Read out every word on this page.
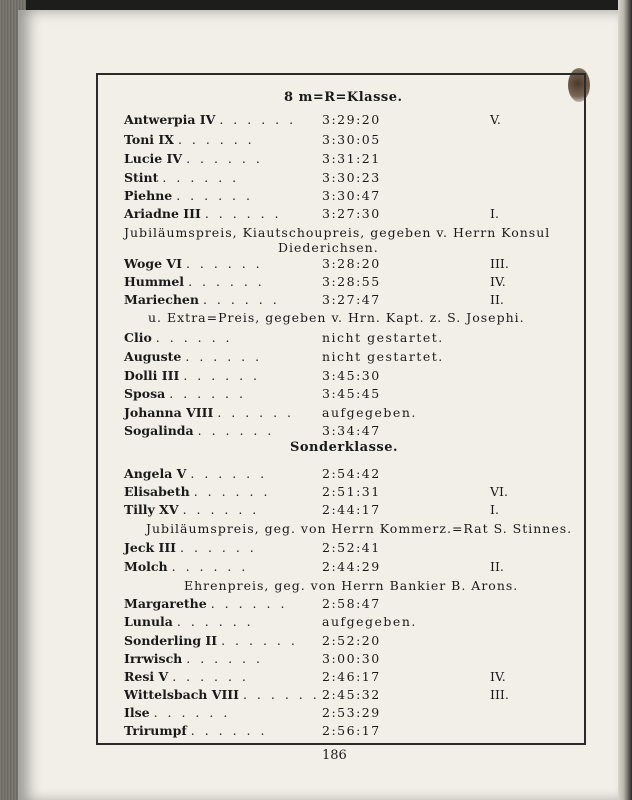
8 m=R=Klasse.
Sonderklasse.
Jubiläumspreis, Kiautschoupreis, gegeben v. Herrn Konsul
Diederichsen.
u. Extra=Preis, gegeben v. Hrn. Kapt. z. S. Josephi.
Jubiläumspreis, geg. von Herrn Kommerz.=Rat S. Stinnes.
Ehrenpreis, geg. von Herrn Bankier B. Arons.
Antwerpia IV . . . . . . 3:29:20	V.
Toni IX . . . . . .	3:30:05
Lucie IV . . . . . .	3:31:21
Stint . . . . . .	3:30:23
Piehne . . . . . .	3:30:47
Ariadne III . . . . . .	3:27:30	I.
Woge VI . . . . . .	3:28:20	III.
Hummel . . . . . .	3:28:55	IV.
Mariechen . . . . . .	3:27:47	II.
Clio . . . . . .	nicht gestartet.
Auguste . . . . . .	nicht gestartet.
Dolli III . . . . . .	3:45:30
Sposa . . . . . .	3:45:45
Johanna VIII . . . . . . aufgegeben.
Sogalinda . . . . . .	3:34:47
Angela V . . . . . .	2:54:42
Elisabeth . . . . . .	2:51:31	VI.
Tilly XV . . . . . .	2:44:17	I.
Jeck III . . . . . .	2:52:41
Molch . . . . . .	2:44:29	II.
Margarethe . . . . . .	2:58:47
Lunula . . . . . .	aufgegeben.
Sonderling II . . . . . . 2:52:20
Irrwisch . . . . . .	3:00:30
Resi V . . . . . .	2:46:17	IV.
Wittelsbach VIII . . . . . . 2:45:32	III.
Ilse . . . . . .	2:53:29
Trirumpf . . . . . .	2:56:17
186
